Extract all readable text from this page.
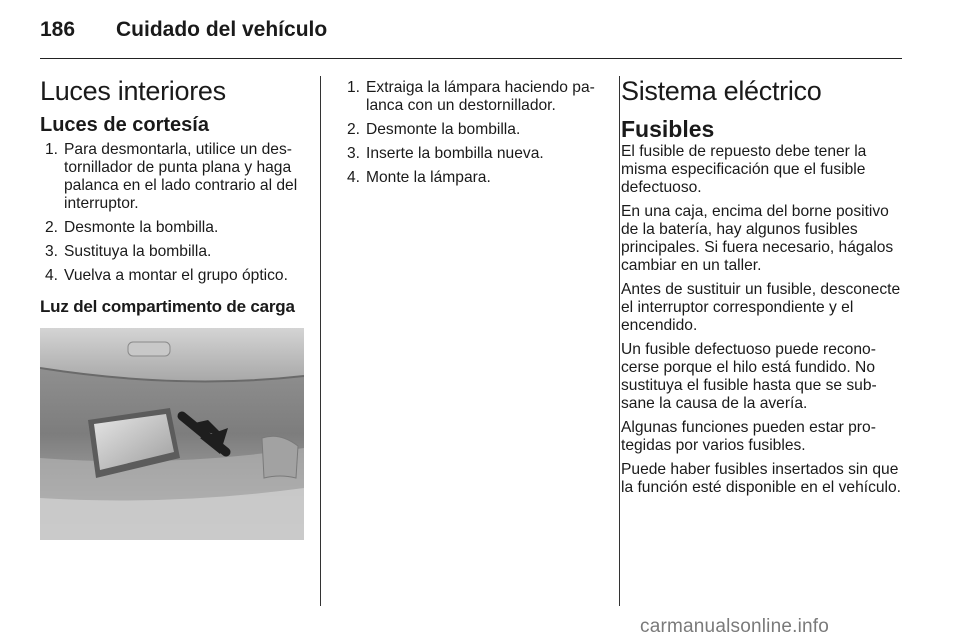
186 Cuidado del vehículo
Luces interiores
Luces de cortesía
1. Para desmontarla, utilice un destornillador de punta plana y haga palanca en el lado contrario al del interruptor.
2. Desmonte la bombilla.
3. Sustituya la bombilla.
4. Vuelva a montar el grupo óptico.
Luz del compartimento de carga
1. Extraiga la lámpara haciendo palanca con un destornillador.
2. Desmonte la bombilla.
3. Inserte la bombilla nueva.
4. Monte la lámpara.
Sistema eléctrico
Fusibles

El fusible de repuesto debe tener la misma especificación que el fusible defectuoso.

En una caja, encima del borne positivo de la batería, hay algunos fusibles principales. Si fuera necesario, hágalos cambiar en un taller.

Antes de sustituir un fusible, desconecte el interruptor correspondiente y el encendido.

Un fusible defectuoso puede reconocerse porque el hilo está fundido. No sustituya el fusible hasta que se subsane la causa de la avería.

Algunas funciones pueden estar protegidas por varios fusibles.

Puede haber fusibles insertados sin que la función esté disponible en el vehículo.

carmanualsonline.info
